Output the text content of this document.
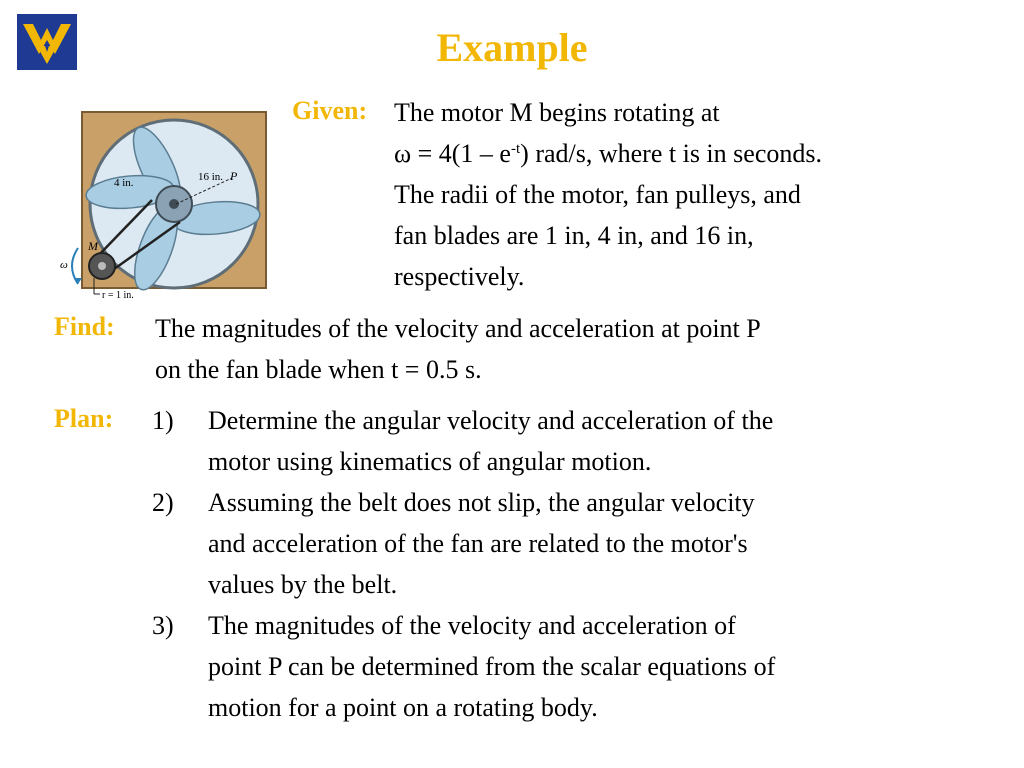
Example
4 in.	16 in. P
M
ω
r = 1 in.
Given: The motor M begins rotating at
$\omega = 4(1 - e^{-t})$ rad/s, where t is in seconds.
The radii of the motor, fan pulleys, and
fan blades are 1 in, 4 in, and 16 in,
respectively.
Find: The magnitudes of the velocity and acceleration at point P
on the fan blade when t = 0.5 s.
Plan: 1) Determine the angular velocity and acceleration of the
motor using kinematics of angular motion.
2) Assuming the belt does not slip, the angular velocity
and acceleration of the fan are related to the motor's
values by the belt.
3) The magnitudes of the velocity and acceleration of
point P can be determined from the scalar equations of
motion for a point on a rotating body.
